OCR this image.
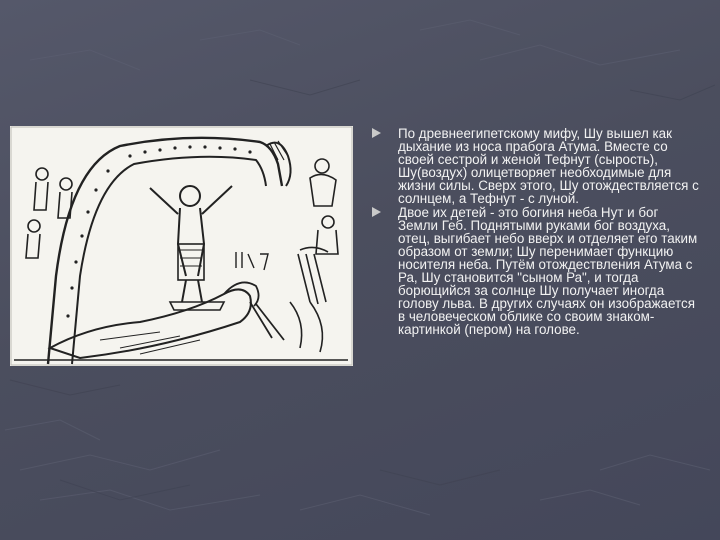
По древнеегипетскому мифу, Шу вышел как дыхание из носа прабога Атума. Вместе со своей сестрой и женой Тефнут (сырость), Шу(воздух) олицетворяет необходимые для жизни силы. Сверх этого, Шу отождествляется с солнцем, а Тефнут - с луной.
Двое их детей - это богиня неба Нут и бог Земли Геб. Поднятыми руками бог воздуха, отец, выгибает небо вверх и отделяет его таким образом от земли; Шу перенимает функцию носителя неба. Путём отождествления Атума с Ра, Шу становится "сыном Ра", и тогда борющийся за солнце Шу получает иногда голову льва. В других случаях он изображается в человеческом облике со своим знаком-картинкой (пером) на голове.
